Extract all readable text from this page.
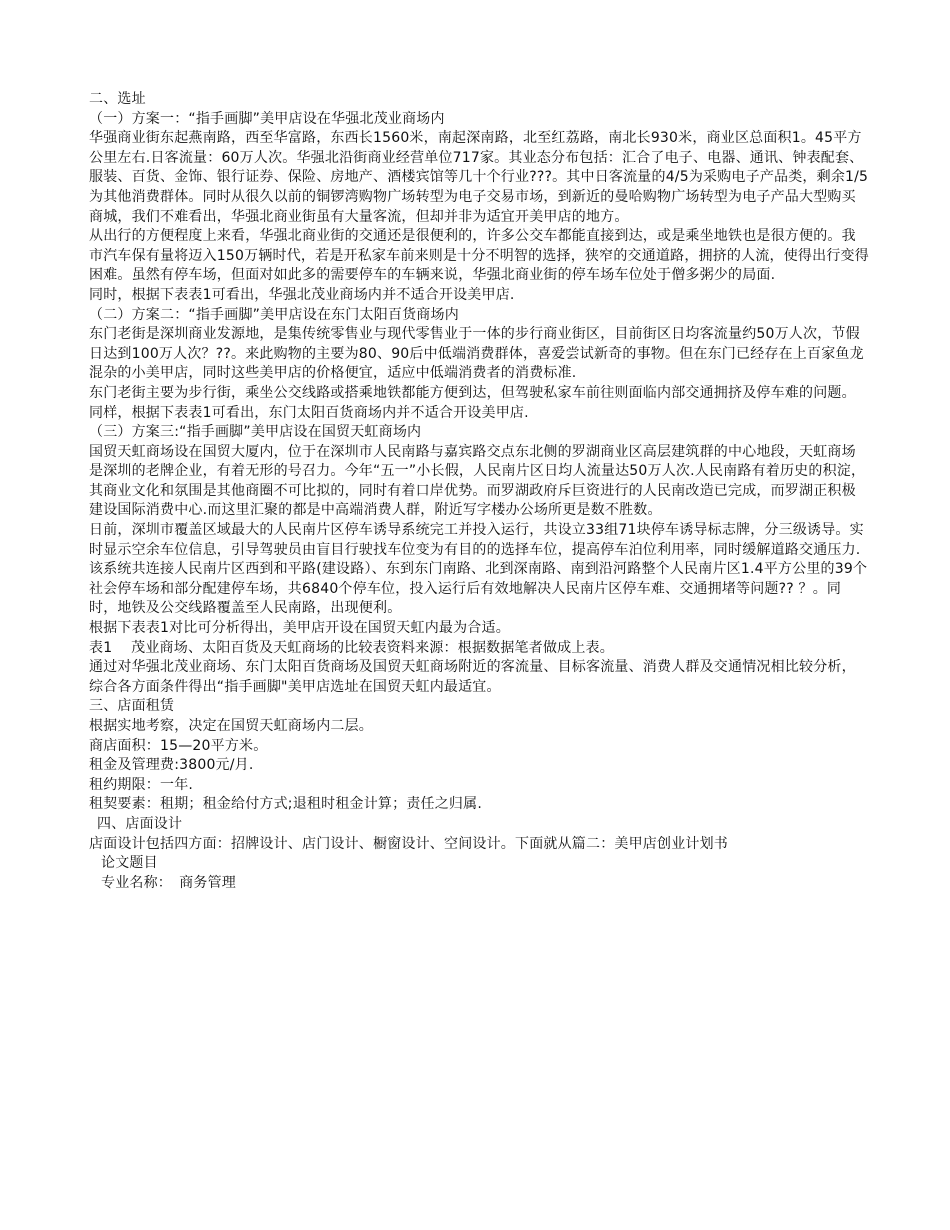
二、选址

（一）方案一：“指手画脚”美甲店设在华强北茂业商场内

华强商业街东起燕南路，西至华富路，东西长1560米，南起深南路，北至红荔路，南北长930米，商业区总面积1。45平方公里左右.日客流量：60万人次。华强北沿街商业经营单位717家。其业态分布包括：汇合了电子、电器、通讯、钟表配套、服装、百货、金饰、银行证券、保险、房地产、酒楼宾馆等几十个行业???。其中日客流量的4/5为采购电子产品类，剩余1/5为其他消费群体。同时从很久以前的铜锣湾购物广场转型为电子交易市场，到新近的曼哈购物广场转型为电子产品大型购买商城，我们不难看出，华强北商业街虽有大量客流，但却并非为适宜开美甲店的地方。

从出行的方便程度上来看，华强北商业街的交通还是很便利的，许多公交车都能直接到达，或是乘坐地铁也是很方便的。我市汽车保有量将迈入150万辆时代，若是开私家车前来则是十分不明智的选择，狭窄的交通道路，拥挤的人流，使得出行变得困难。虽然有停车场，但面对如此多的需要停车的车辆来说，华强北商业街的停车场车位处于僧多粥少的局面.

同时，根据下表表1可看出，华强北茂业商场内并不适合开设美甲店.

（二）方案二：“指手画脚”美甲店设在东门太阳百货商场内

东门老街是深圳商业发源地，是集传统零售业与现代零售业于一体的步行商业街区，目前街区日均客流量约50万人次，节假日达到100万人次？??。来此购物的主要为80、90后中低端消费群体，喜爱尝试新奇的事物。但在东门已经存在上百家鱼龙混杂的小美甲店，同时这些美甲店的价格便宜，适应中低端消费者的消费标准.

东门老街主要为步行街，乘坐公交线路或搭乘地铁都能方便到达，但驾驶私家车前往则面临内部交通拥挤及停车难的问题。

同样，根据下表表1可看出，东门太阳百货商场内并不适合开设美甲店.

（三）方案三:“指手画脚”美甲店设在国贸天虹商场内

国贸天虹商场设在国贸大厦内，位于在深圳市人民南路与嘉宾路交点东北侧的罗湖商业区高层建筑群的中心地段，天虹商场是深圳的老牌企业，有着无形的号召力。今年“五一”小长假，人民南片区日均人流量达50万人次.人民南路有着历史的积淀，其商业文化和氛围是其他商圈不可比拟的，同时有着口岸优势。而罗湖政府斥巨资进行的人民南改造已完成，而罗湖正积极建设国际消费中心.而这里汇聚的都是中高端消费人群，附近写字楼办公场所更是数不胜数。

日前，深圳市覆盖区域最大的人民南片区停车诱导系统完工并投入运行，共设立33组71块停车诱导标志牌，分三级诱导。实时显示空余车位信息，引导驾驶员由盲目行驶找车位变为有目的的选择车位，提高停车泊位利用率，同时缓解道路交通压力.该系统共连接人民南片区西到和平路(建设路）、东到东门南路、北到深南路、南到沿河路整个人民南片区1.4平方公里的39个社会停车场和部分配建停车场，共6840个停车位，投入运行后有效地解决人民南片区停车难、交通拥堵等问题?? ？。同时，地铁及公交线路覆盖至人民南路，出现便利。

根据下表表1对比可分析得出，美甲店开设在国贸天虹内最为合适。

表1　 茂业商场、太阳百货及天虹商场的比较表资料来源：根据数据笔者做成上表。

通过对华强北茂业商场、东门太阳百货商场及国贸天虹商场附近的客流量、目标客流量、消费人群及交通情况相比较分析，综合各方面条件得出“指手画脚"美甲店选址在国贸天虹内最适宜。

三、店面租赁

根据实地考察，决定在国贸天虹商场内二层。

商店面积：15—20平方米。

租金及管理费:3800元/月.

租约期限：一年.

租契要素：租期；租金给付方式;退租时租金计算；责任之归属.

四、店面设计

店面设计包括四方面：招牌设计、店门设计、橱窗设计、空间设计。下面就从篇二：美甲店创业计划书

论文题目

专业名称：　商务管理
